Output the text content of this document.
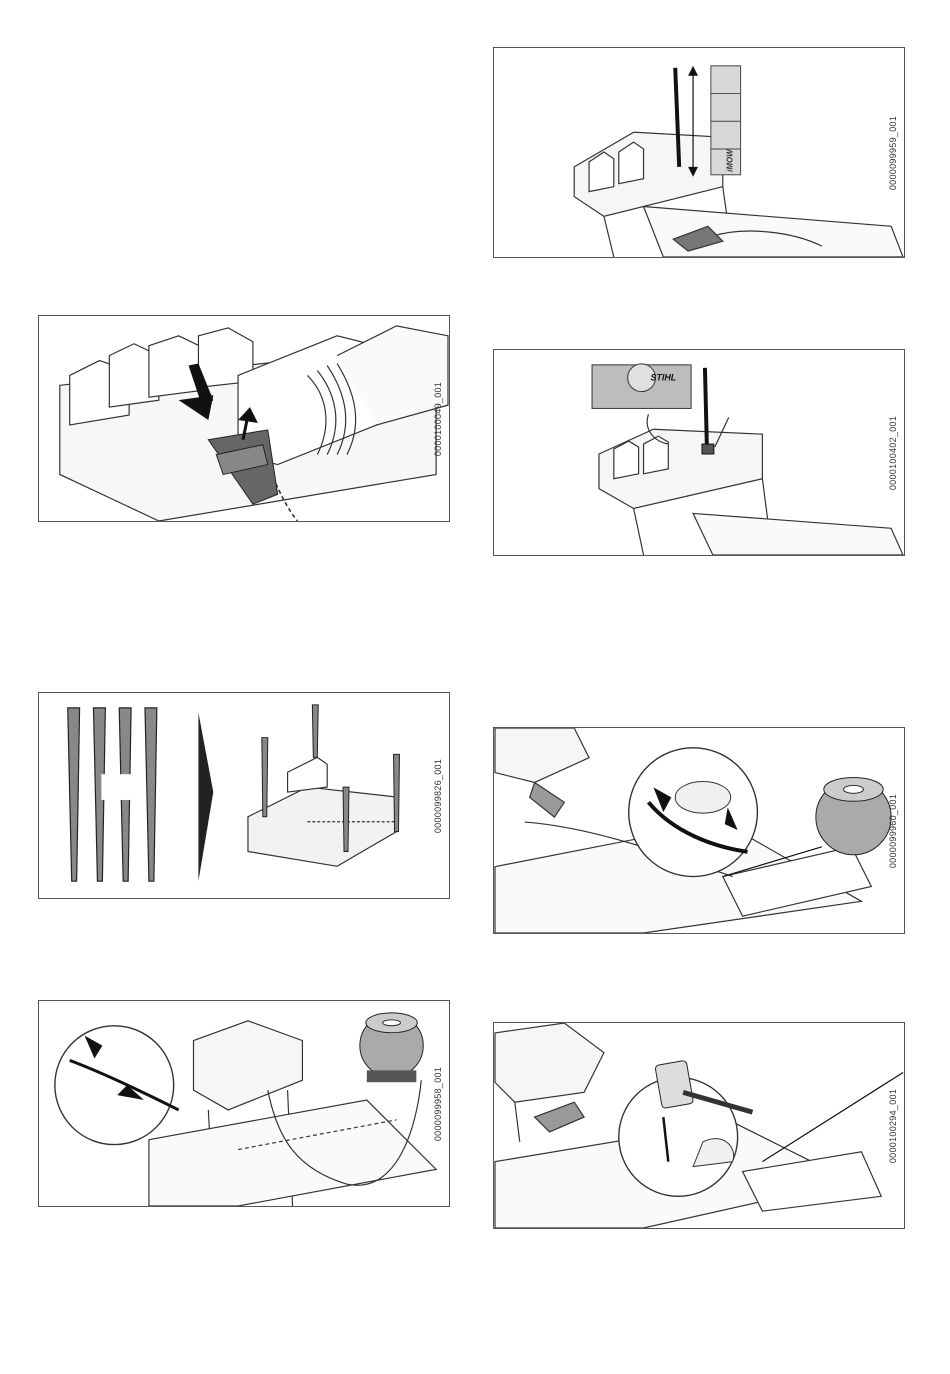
0000100049_001
iMOW	0000099959_001
STIHL
0000100402_001
0000099826_001	0000099960_001
0000099958_001	0000100294_001
